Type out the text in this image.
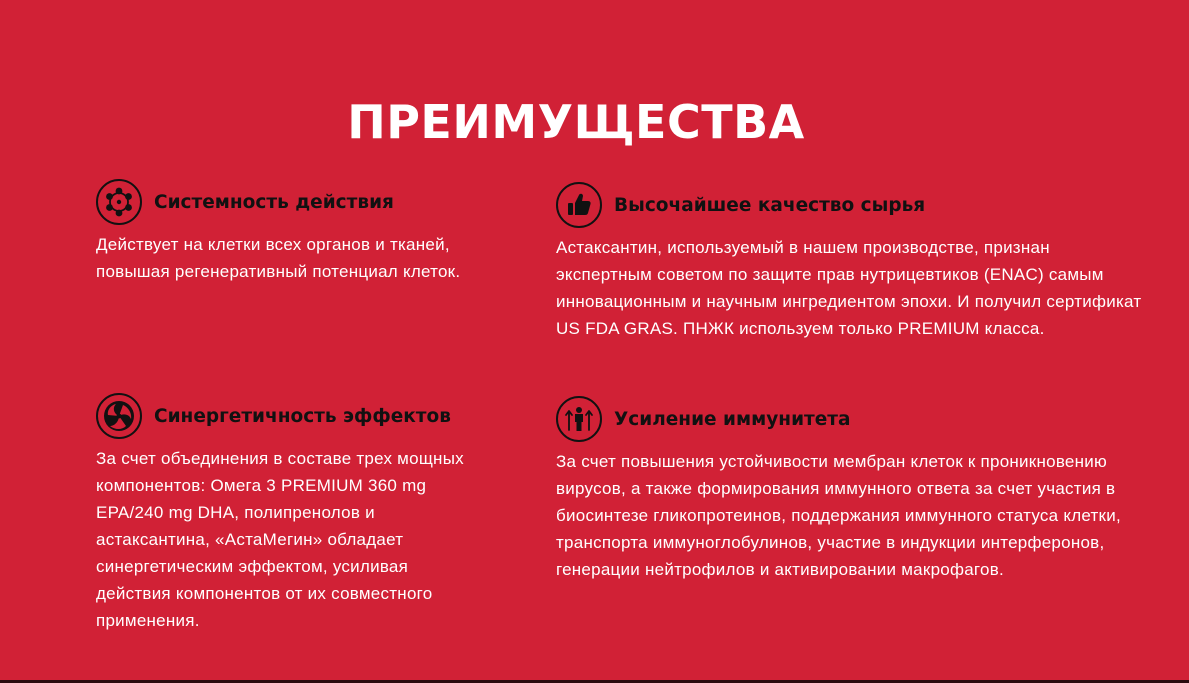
ПРЕИМУЩЕСТВА
Системность действия
Действует на клетки всех органов и тканей, повышая регенеративный потенциал клеток.
Высочайшее качество сырья
Астаксантин, используемый в нашем производстве, признан экспертным советом по защите прав нутрицевтиков (ENAC) самым инновационным и научным ингредиентом эпохи. И получил сертификат US FDA GRAS. ПНЖК используем только PREMIUM класса.
Синергетичность эффектов
За счет объединения в составе трех мощных компонентов: Омега 3 PREMIUM 360 mg EPA/240 mg DHA, полипренолов и астаксантина, «АстаМегин» обладает синергетическим эффектом, усиливая действия компонентов от их совместного применения.
Усиление иммунитета
За счет повышения устойчивости мембран клеток к проникновению вирусов, а также формирования иммунного ответа за счет участия в биосинтезе гликопротеинов, поддержания иммунного статуса клетки, транспорта иммуноглобулинов, участие в индукции интерферонов, генерации нейтрофилов и активировании макрофагов.
